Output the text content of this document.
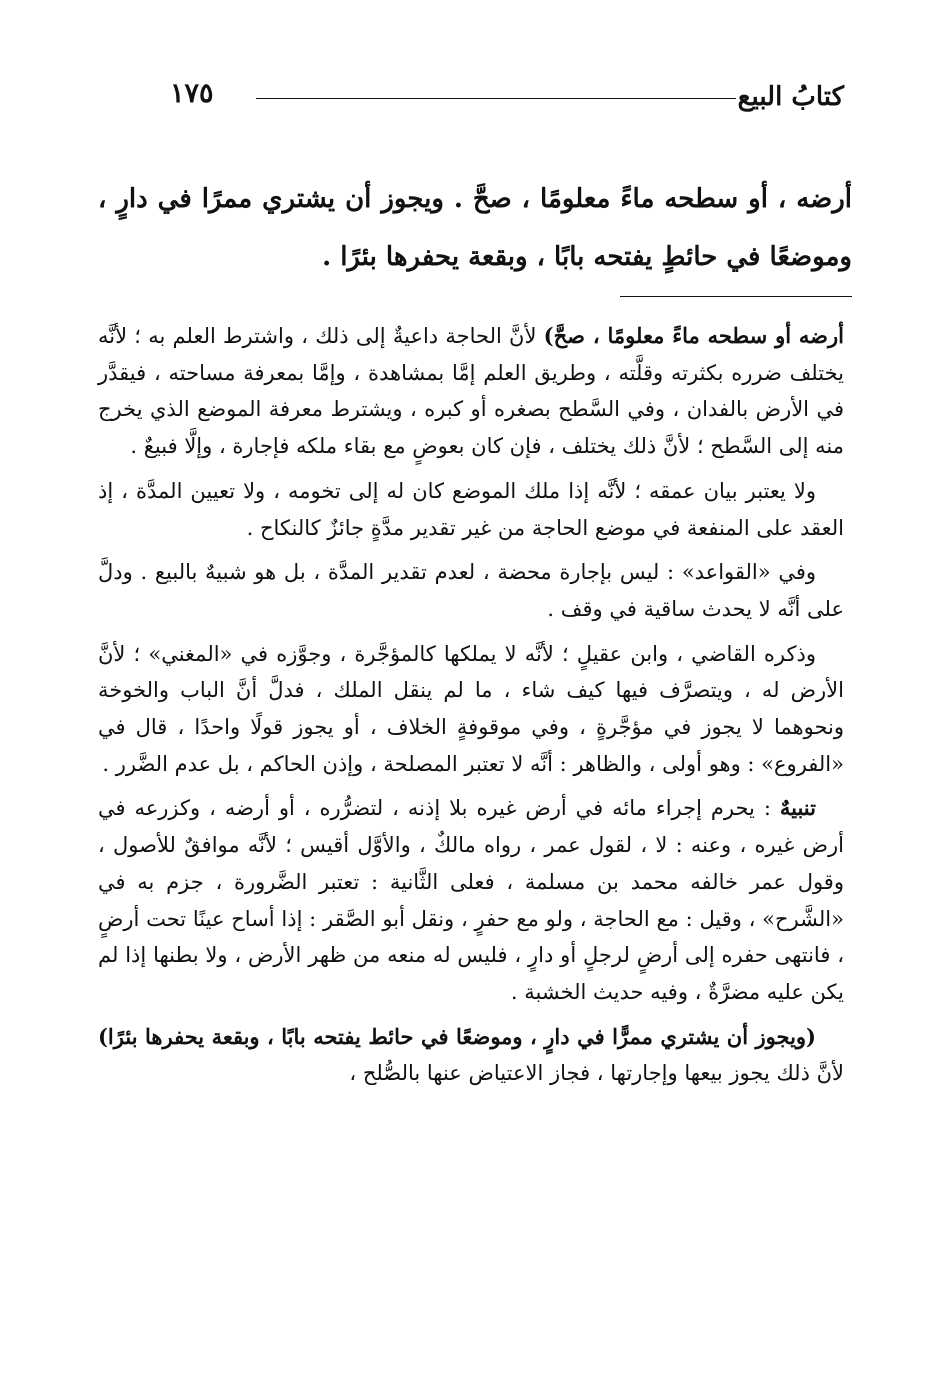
١٧٥	كتابُ البيع

أرضه ، أو سطحه ماءً معلومًا ، صحَّ . ويجوز أن يشتري ممرًا في دارٍ ، وموضعًا في حائطٍ يفتحه بابًا ، وبقعة يحفرها بئرًا .

أرضه أو سطحه ماءً معلومًا ، صحَّ) لأنَّ الحاجة داعيةٌ إلى ذلك ، واشترط العلم به ؛ لأنَّه يختلف ضرره بكثرته وقلَّته ، وطريق العلم إمَّا بمشاهدة ، وإمَّا بمعرفة مساحته ، فيقدَّر في الأرض بالفدان ، وفي السَّطح بصغره أو كبره ، ويشترط معرفة الموضع الذي يخرج منه إلى السَّطح ؛ لأنَّ ذلك يختلف ، فإن كان بعوضٍ مع بقاء ملكه فإجارة ، وإلَّا فبيعٌ .

ولا يعتبر بيان عمقه ؛ لأنَّه إذا ملك الموضع كان له إلى تخومه ، ولا تعيين المدَّة ، إذ العقد على المنفعة في موضع الحاجة من غير تقدير مدَّةٍ جائزٌ كالنكاح .

وفي «القواعد» : ليس بإجارة محضة ، لعدم تقدير المدَّة ، بل هو شبيهٌ بالبيع . ودلَّ على أنَّه لا يحدث ساقية في وقف .

وذكره القاضي ، وابن عقيلٍ ؛ لأنَّه لا يملكها كالمؤجَّرة ، وجوَّزه في «المغني» ؛ لأنَّ الأرض له ، ويتصرَّف فيها كيف شاء ، ما لم ينقل الملك ، فدلَّ أنَّ الباب والخوخة ونحوهما لا يجوز في مؤجَّرةٍ ، وفي موقوفةٍ الخلاف ، أو يجوز قولًا واحدًا ، قال في «الفروع» : وهو أولى ، والظاهر : أنَّه لا تعتبر المصلحة ، وإذن الحاكم ، بل عدم الضَّرر .

تنبيهٌ : يحرم إجراء مائه في أرض غيره بلا إذنه ، لتضرُّره ، أو أرضه ، وكزرعه في أرض غيره ، وعنه : لا ، لقول عمر ، رواه مالكٌ ، والأوَّل أقيس ؛ لأنَّه موافقٌ للأصول ، وقول عمر خالفه محمد بن مسلمة ، فعلى الثَّانية : تعتبر الضَّرورة ، جزم به في «الشَّرح» ، وقيل : مع الحاجة ، ولو مع حفرٍ ، ونقل أبو الصَّقر : إذا أساح عينًا تحت أرضٍ ، فانتهى حفره إلى أرضٍ لرجلٍ أو دارٍ ، فليس له منعه من ظهر الأرض ، ولا بطنها إذا لم يكن عليه مضرَّةٌ ، وفيه حديث الخشبة .

(ويجوز أن يشتري ممرًّا في دارٍ ، وموضعًا في حائط يفتحه بابًا ، وبقعة يحفرها بئرًا) لأنَّ ذلك يجوز بيعها وإجارتها ، فجاز الاعتياض عنها بالصُّلح ،
